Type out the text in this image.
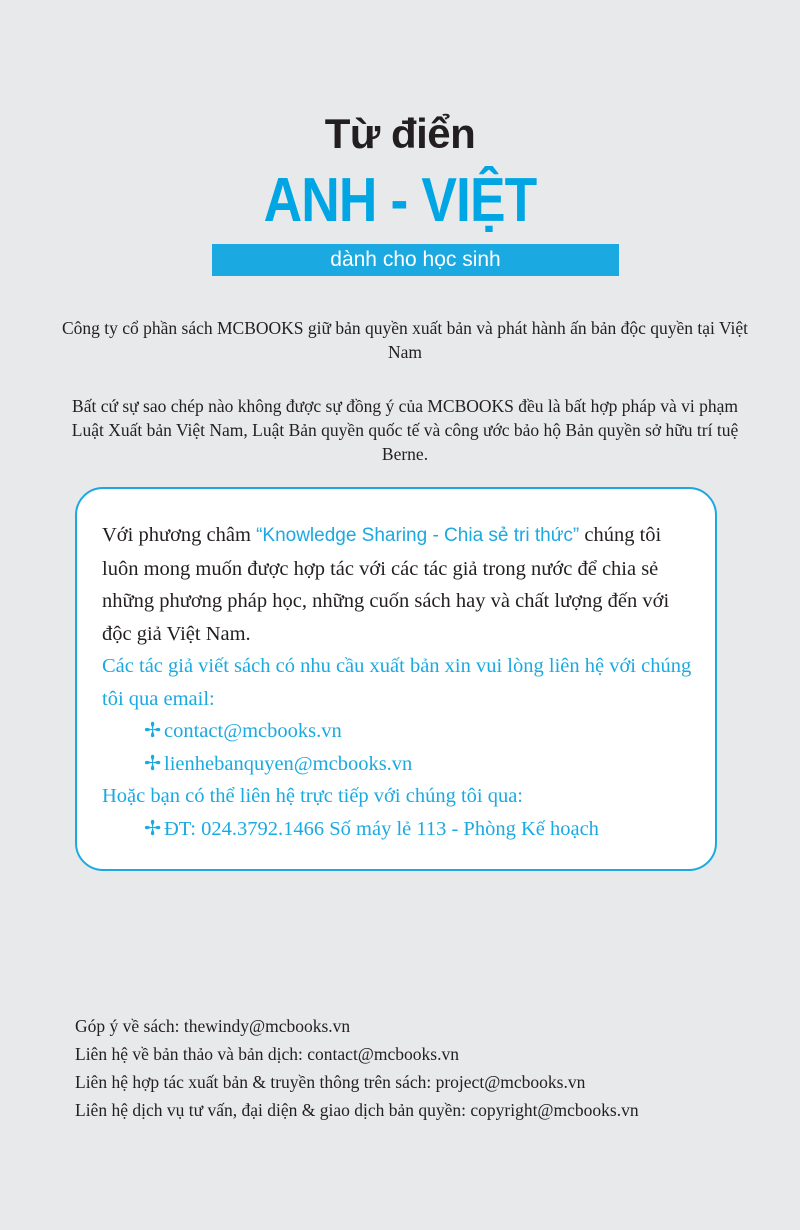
Từ điển
ANH - VIỆT
dành cho học sinh

Công ty cổ phần sách MCBOOKS giữ bản quyền xuất bản và phát hành ấn bản độc quyền tại Việt Nam

Bất cứ sự sao chép nào không được sự đồng ý của MCBOOKS đều là bất hợp pháp và vi phạm Luật Xuất bản Việt Nam, Luật Bản quyền quốc tế và công ước bảo hộ Bản quyền sở hữu trí tuệ Berne.

Với phương châm “Knowledge Sharing - Chia sẻ tri thức” chúng tôi luôn mong muốn được hợp tác với các tác giả trong nước để chia sẻ những phương pháp học, những cuốn sách hay và chất lượng đến với độc giả Việt Nam.

Các tác giả viết sách có nhu cầu xuất bản xin vui lòng liên hệ với chúng tôi qua email:

✢ contact@mcbooks.vn

✢ lienhebanquyen@mcbooks.vn

Hoặc bạn có thể liên hệ trực tiếp với chúng tôi qua:

✢ ĐT: 024.3792.1466 Số máy lẻ 113 - Phòng Kế hoạch

Góp ý về sách: thewindy@mcbooks.vn
Liên hệ về bản thảo và bản dịch: contact@mcbooks.vn
Liên hệ hợp tác xuất bản & truyền thông trên sách: project@mcbooks.vn
Liên hệ dịch vụ tư vấn, đại diện & giao dịch bản quyền: copyright@mcbooks.vn
